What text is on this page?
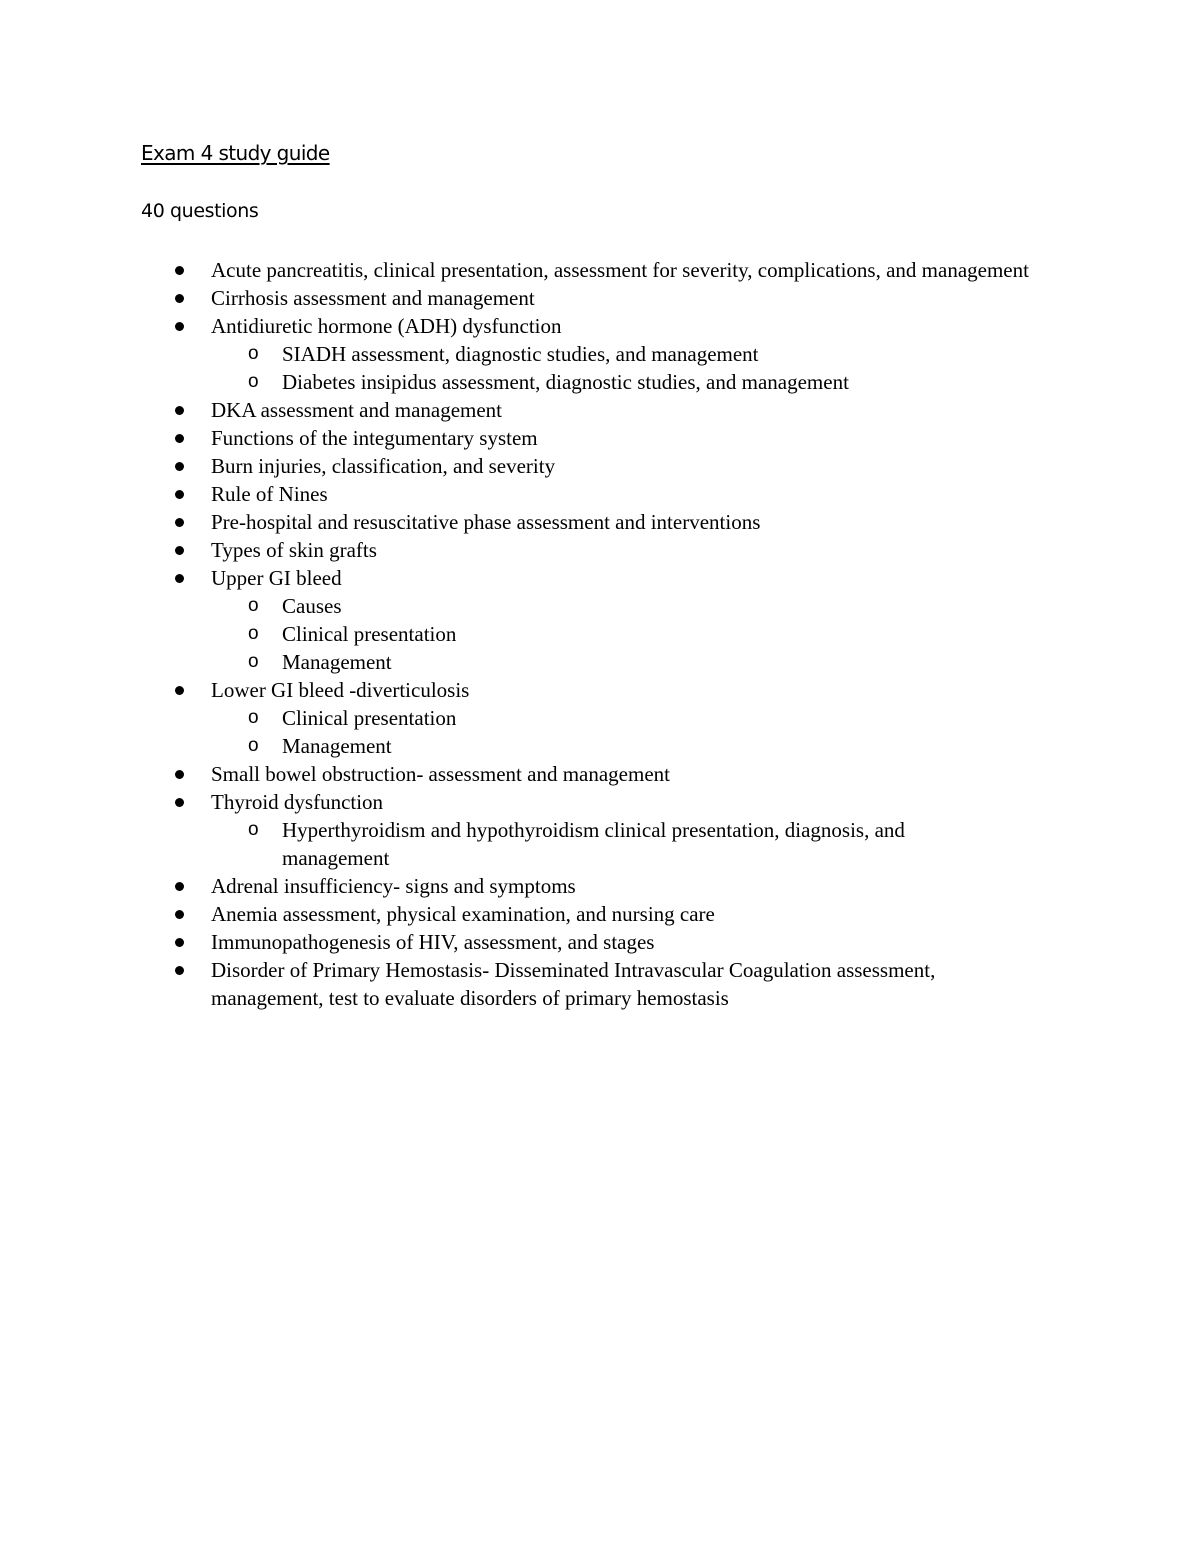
Exam 4 study guide
40 questions
Acute pancreatitis, clinical presentation, assessment for severity, complications, and management
Cirrhosis assessment and management
Antidiuretic hormone (ADH) dysfunction
o SIADH assessment, diagnostic studies, and management
o Diabetes insipidus assessment, diagnostic studies, and management
DKA assessment and management
Functions of the integumentary system
Burn injuries, classification, and severity
Rule of Nines
Pre-hospital and resuscitative phase assessment and interventions
Types of skin grafts
Upper GI bleed
o Causes
o Clinical presentation
o Management
Lower GI bleed -diverticulosis
o Clinical presentation
o Management
Small bowel obstruction- assessment and management
Thyroid dysfunction
o Hyperthyroidism and hypothyroidism clinical presentation, diagnosis, and management
Adrenal insufficiency- signs and symptoms
Anemia assessment, physical examination, and nursing care
Immunopathogenesis of HIV, assessment, and stages
Disorder of Primary Hemostasis- Disseminated Intravascular Coagulation assessment, management, test to evaluate disorders of primary hemostasis
